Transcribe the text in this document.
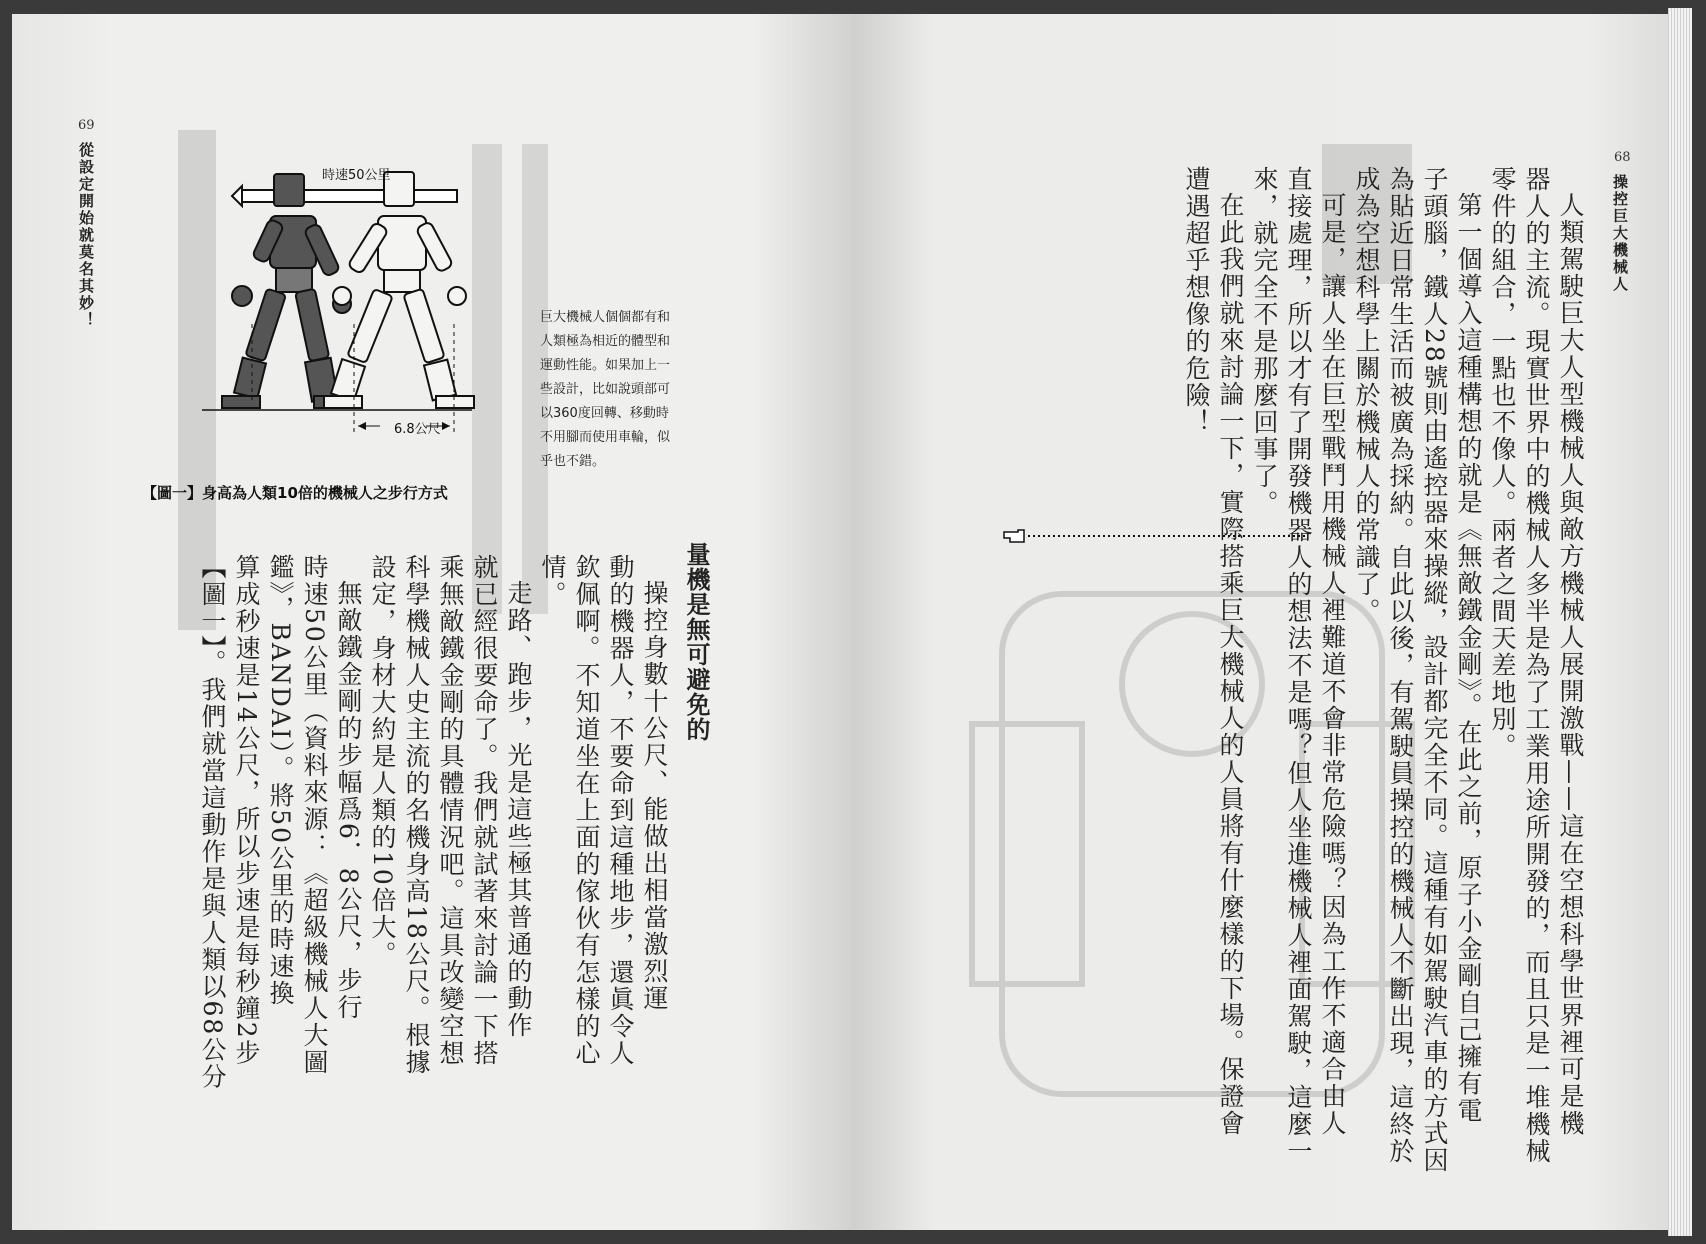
69
從設定開始就莫名其妙！	時速50公里
6.8公尺
巨大機械人個個都有和
人類極為相近的體型和
運動性能。如果加上一
些設計，比如說頭部可
以360度回轉、移動時
不用腳而使用車輪，似
乎也不錯。
【圖一】身高為人類10倍的機械人之步行方式
量機是無可避免的
操控身數十公尺、能做出相當激烈運
動的機器人，不要命到這種地步，還眞令人
欽佩啊。不知道坐在上面的傢伙有怎樣的心
情。
走路、跑步，光是這些極其普通的動作
就已經很要命了。我們就試著來討論一下搭
乘無敵鐵金剛的具體情況吧。這具改變空想
科學機械人史主流的名機身高18公尺。根據
設定，身材大約是人類的10倍大。
無敵鐵金剛的步幅爲6．8公尺，步行
時速50公里（資料來源：《超級機械人大圖
鑑》，BANDAI）。將50公里的時速換
算成秒速是14公尺，所以步速是每秒鐘2步
【圖一】。我們就當這動作是與人類以68公分
68
操控巨大機械人
人類駕駛巨大人型機械人與敵方機械人展開激戰——這在空想科學世界裡可是機
器人的主流。現實世界中的機械人多半是為了工業用途所開發的，而且只是一堆機械
零件的組合，一點也不像人。兩者之間天差地別。
第一個導入這種構想的就是《無敵鐵金剛》。在此之前，原子小金剛自己擁有電
子頭腦，鐵人28號則由遙控器來操縱，設計都完全不同。這種有如駕駛汽車的方式因
為貼近日常生活而被廣為採納。自此以後，有駕駛員操控的機械人不斷出現，這終於
成為空想科學上關於機械人的常識了。
可是，讓人坐在巨型戰鬥用機械人裡難道不會非常危險嗎？因為工作不適合由人
直接處理，所以才有了開發機器人的想法不是嗎？但人坐進機械人裡面駕駛，這麼一
來，就完全不是那麼回事了。
在此我們就來討論一下，實際搭乘巨大機械人的人員將有什麼樣的下場。保證會
遭遇超乎想像的危險！
